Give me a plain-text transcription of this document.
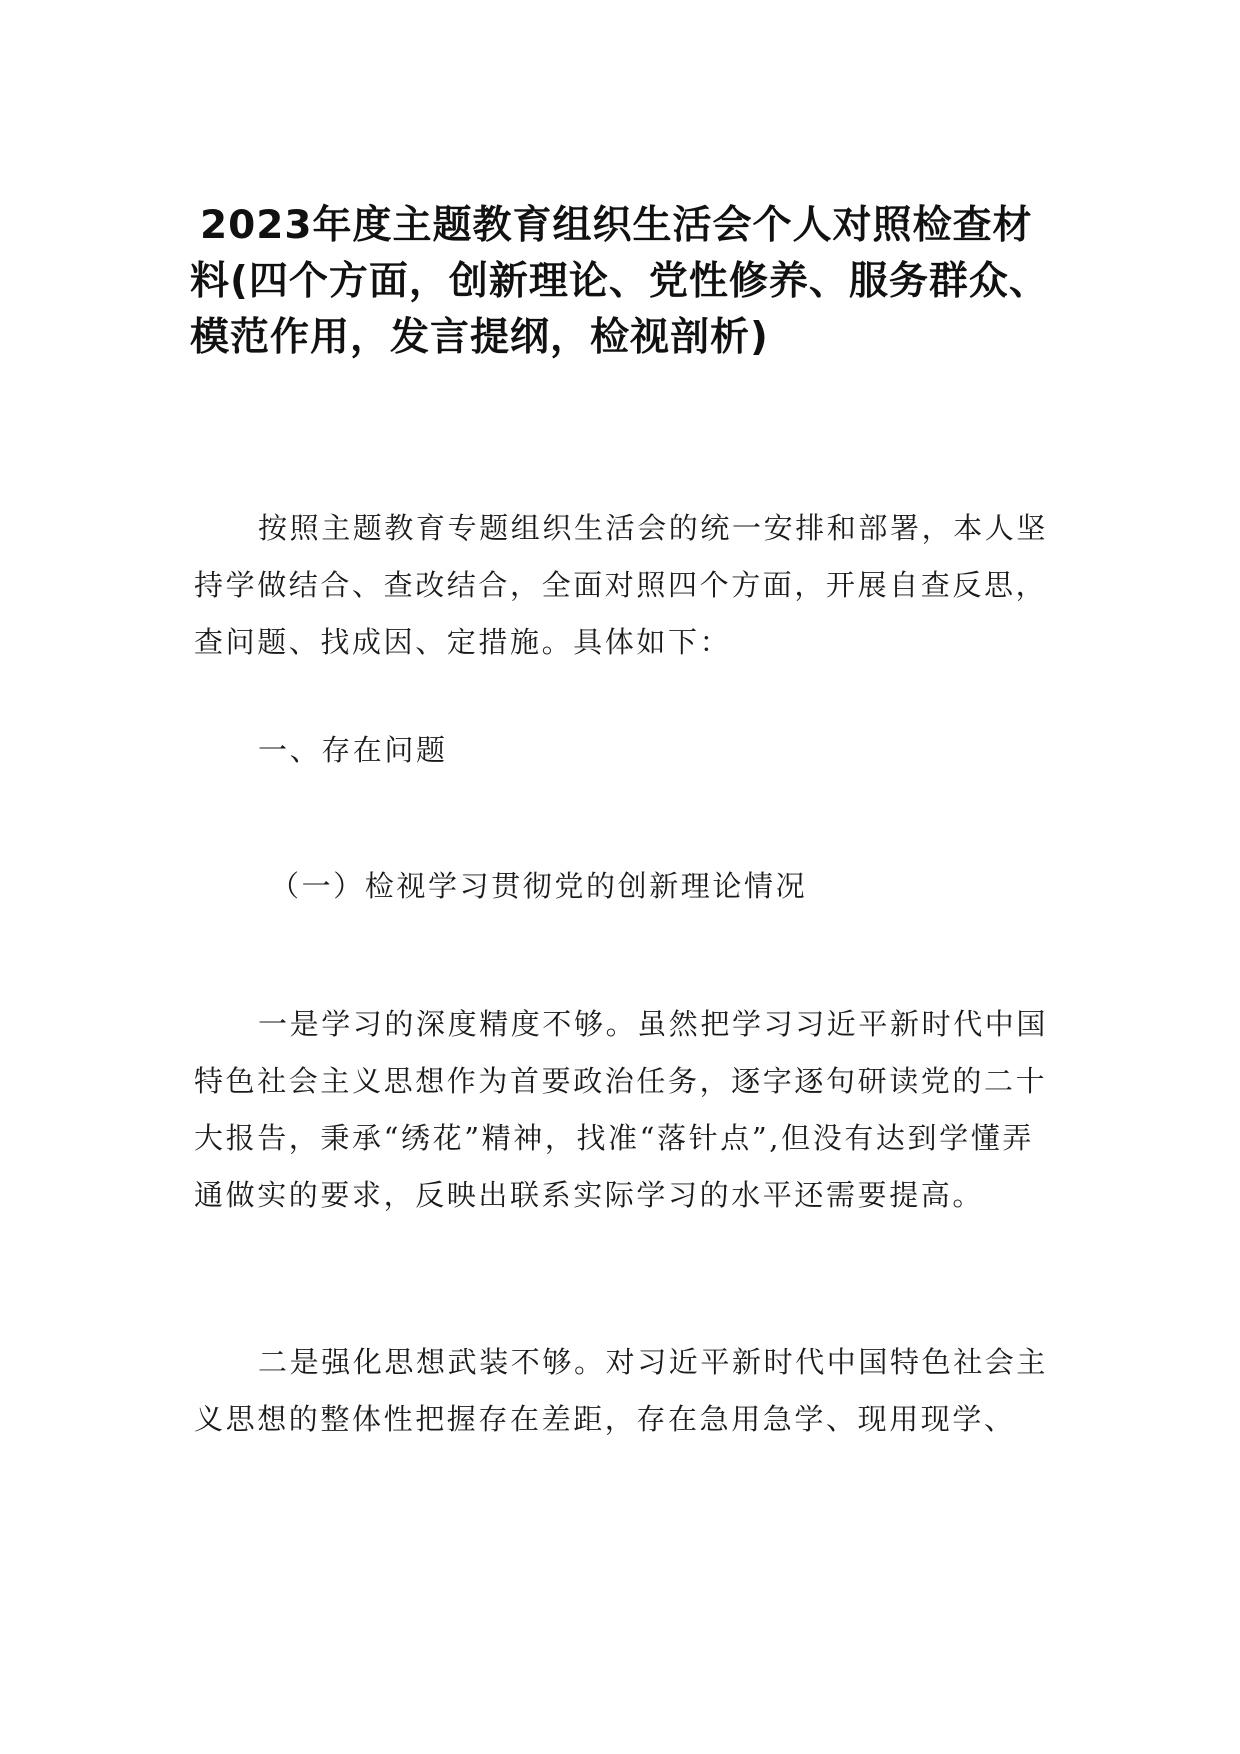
2023年度主题教育组织生活会个人对照检查材料(四个方面，创新理论、党性修养、服务群众、模范作用，发言提纲，检视剖析)

按照主题教育专题组织生活会的统一安排和部署，本人坚持学做结合、查改结合，全面对照四个方面，开展自查反思，查问题、找成因、定措施。具体如下：

一、存在问题

（一）检视学习贯彻党的创新理论情况

一是学习的深度精度不够。虽然把学习习近平新时代中国特色社会主义思想作为首要政治任务，逐字逐句研读党的二十大报告，秉承“绣花”精神，找准“落针点”,但没有达到学懂弄通做实的要求，反映出联系实际学习的水平还需要提高。

二是强化思想武装不够。对习近平新时代中国特色社会主义思想的整体性把握存在差距，存在急用急学、现用现学、
